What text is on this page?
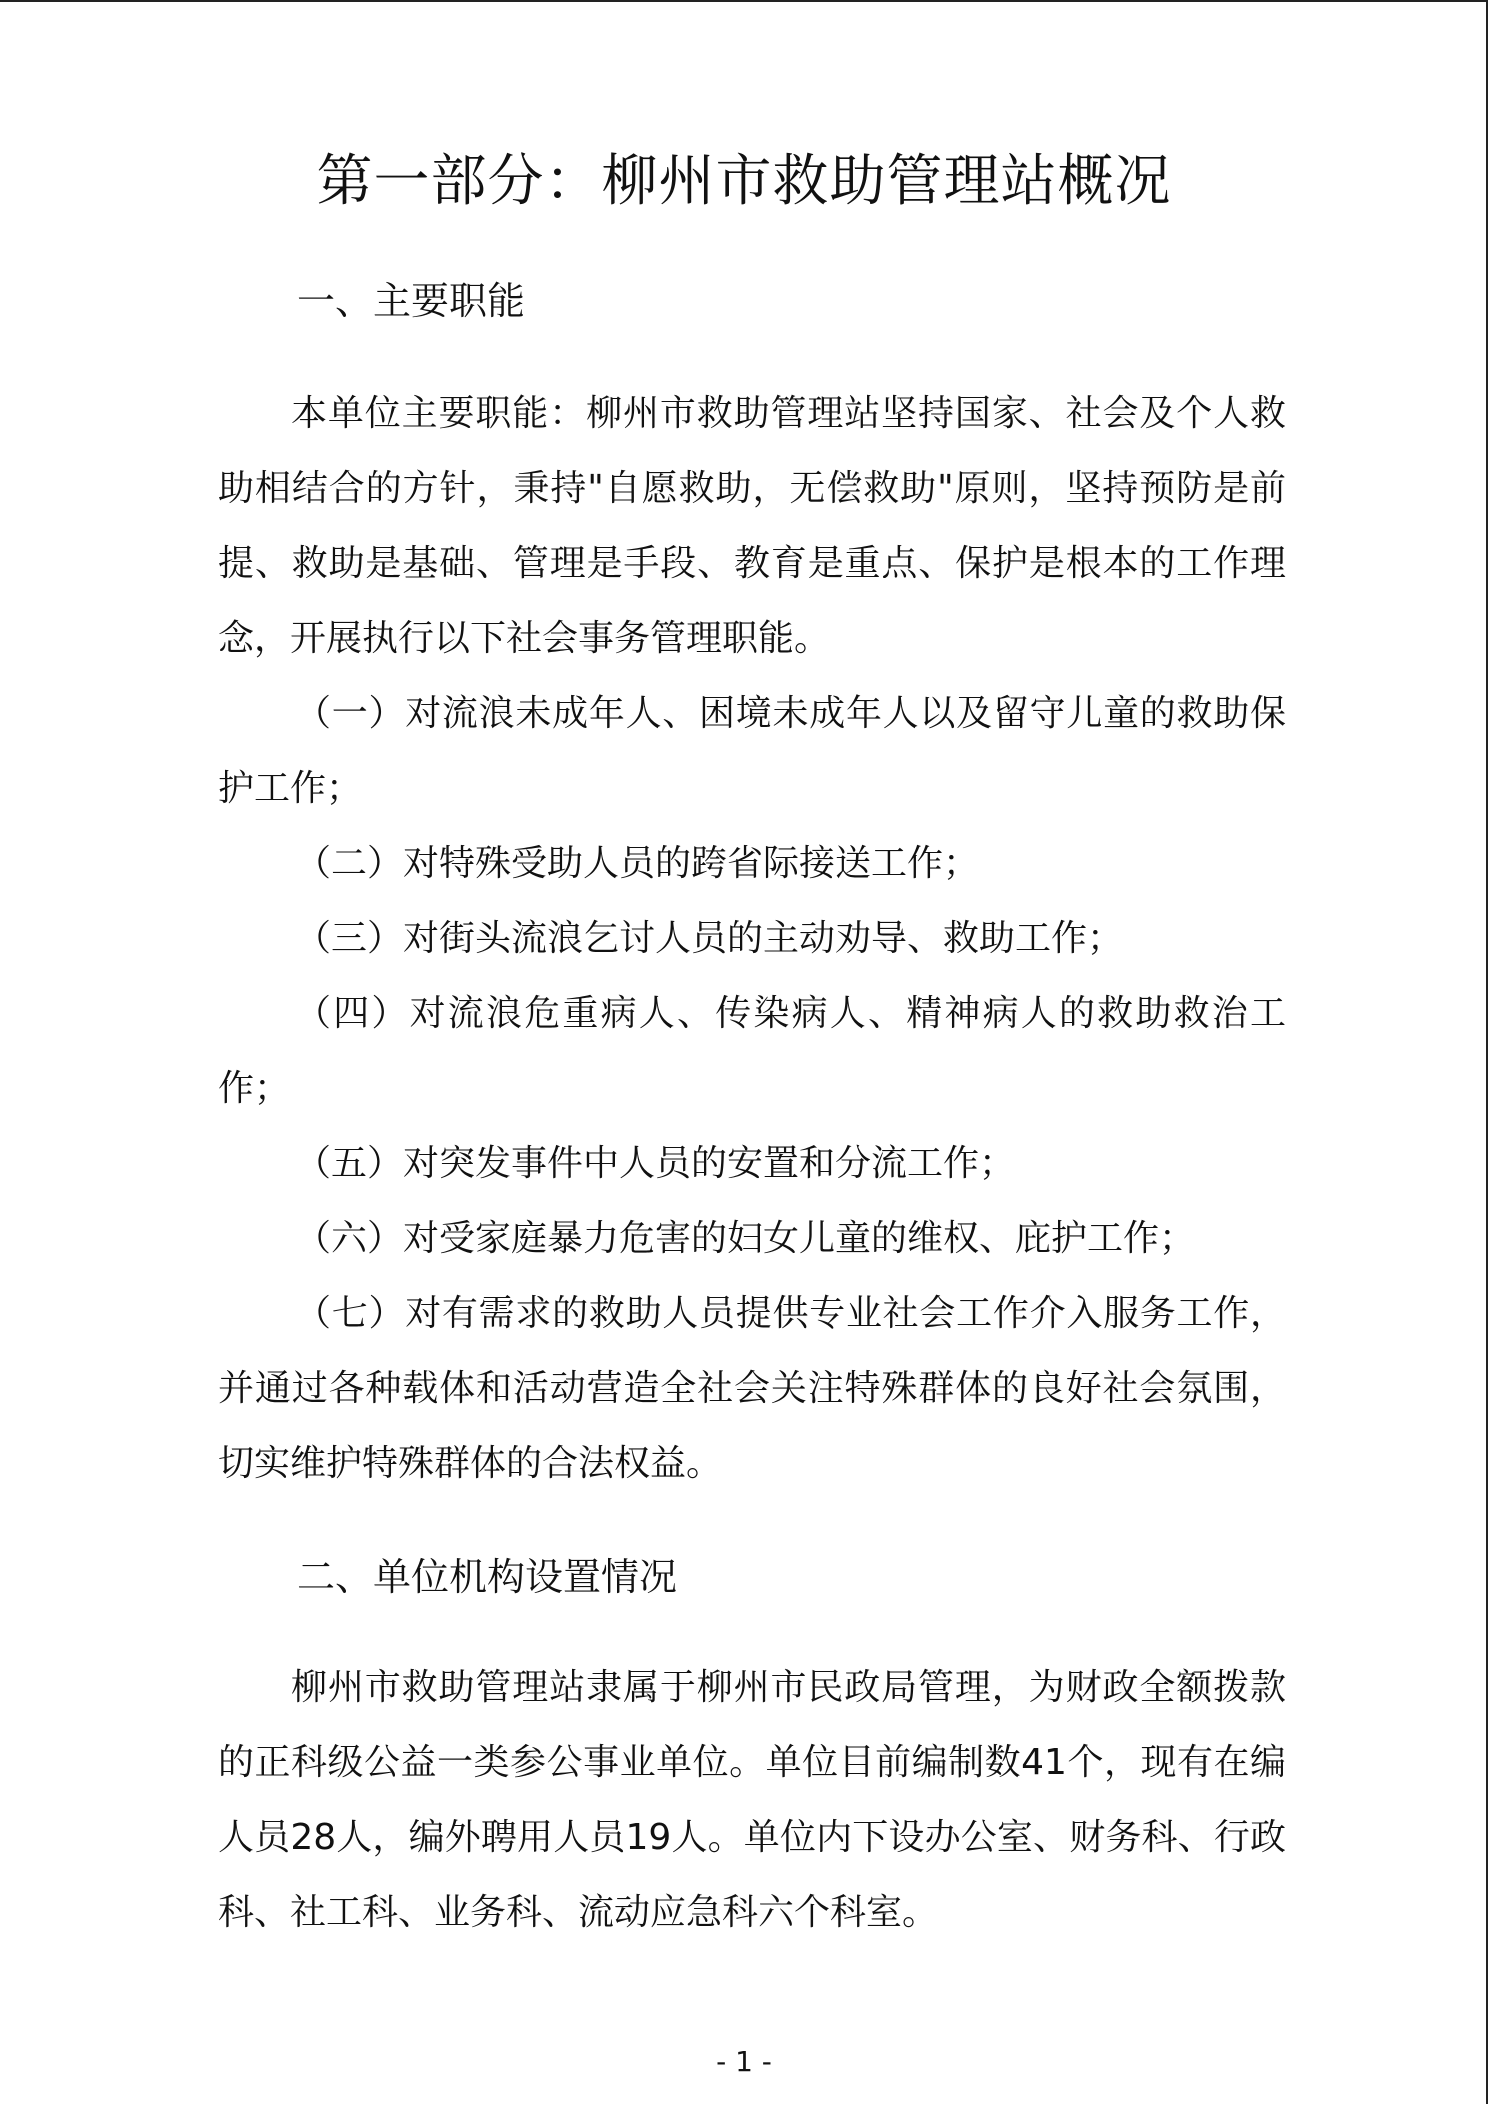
第一部分：柳州市救助管理站概况
一、主要职能

本单位主要职能：柳州市救助管理站坚持国家、社会及个人救助相结合的方针，秉持"自愿救助，无偿救助"原则，坚持预防是前提、救助是基础、管理是手段、教育是重点、保护是根本的工作理念，开展执行以下社会事务管理职能。

（一）对流浪未成年人、困境未成年人以及留守儿童的救助保护工作；

（二）对特殊受助人员的跨省际接送工作；

（三）对街头流浪乞讨人员的主动劝导、救助工作；

（四）对流浪危重病人、传染病人、精神病人的救助救治工作；

（五）对突发事件中人员的安置和分流工作；

（六）对受家庭暴力危害的妇女儿童的维权、庇护工作；

（七）对有需求的救助人员提供专业社会工作介入服务工作，并通过各种载体和活动营造全社会关注特殊群体的良好社会氛围，切实维护特殊群体的合法权益。

二、单位机构设置情况

柳州市救助管理站隶属于柳州市民政局管理，为财政全额拨款的正科级公益一类参公事业单位。单位目前编制数41个，现有在编人员28人，编外聘用人员19人。单位内下设办公室、财务科、行政科、社工科、业务科、流动应急科六个科室。

- 1 -
